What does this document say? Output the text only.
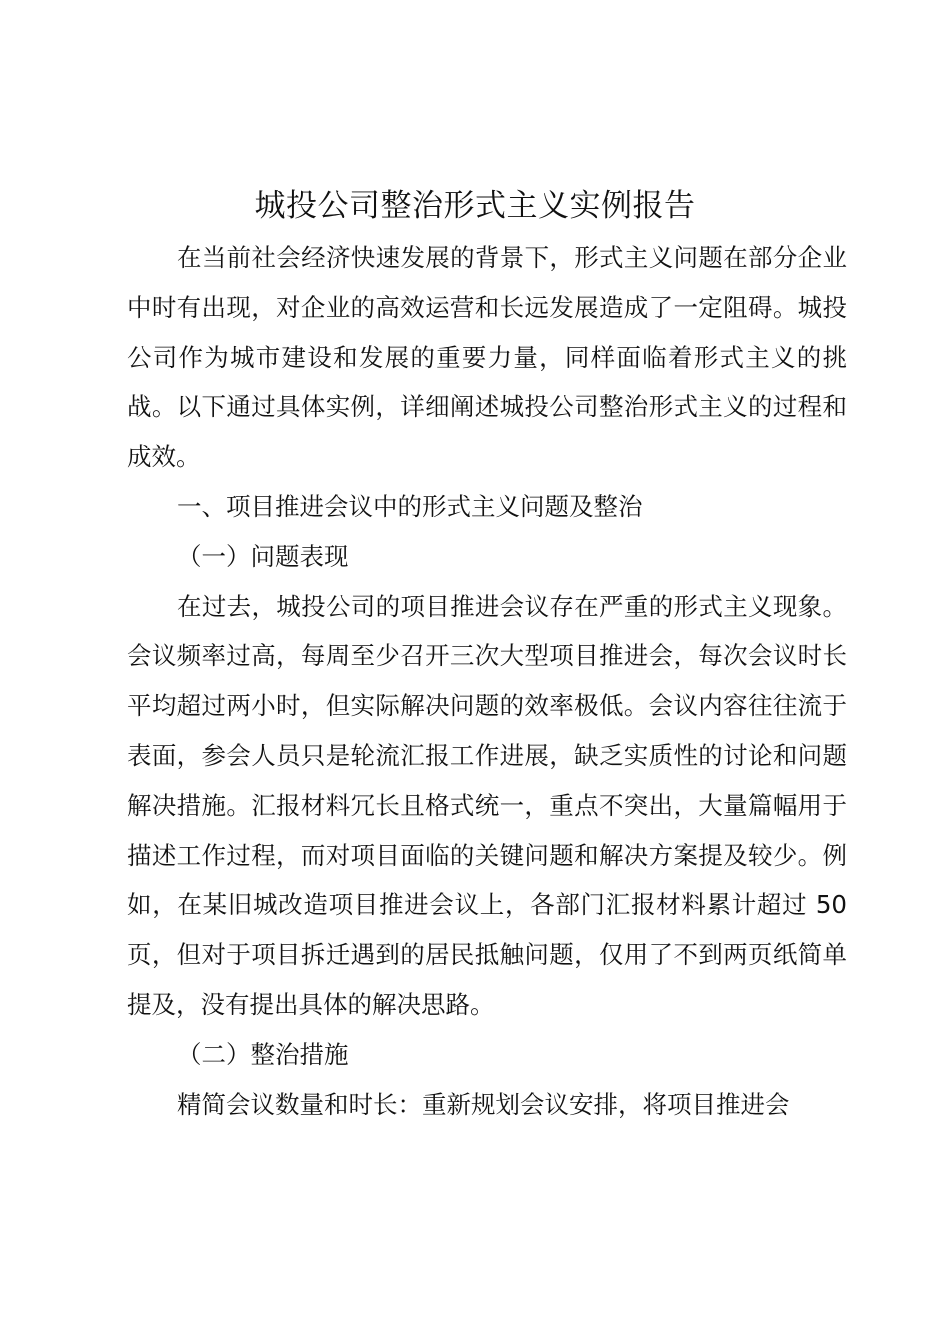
城投公司整治形式主义实例报告

在当前社会经济快速发展的背景下，形式主义问题在部分企业中时有出现，对企业的高效运营和长远发展造成了一定阻碍。城投公司作为城市建设和发展的重要力量，同样面临着形式主义的挑战。以下通过具体实例，详细阐述城投公司整治形式主义的过程和成效。

一、项目推进会议中的形式主义问题及整治

（一）问题表现

在过去，城投公司的项目推进会议存在严重的形式主义现象。会议频率过高，每周至少召开三次大型项目推进会，每次会议时长平均超过两小时，但实际解决问题的效率极低。会议内容往往流于表面，参会人员只是轮流汇报工作进展，缺乏实质性的讨论和问题解决措施。汇报材料冗长且格式统一，重点不突出，大量篇幅用于描述工作过程，而对项目面临的关键问题和解决方案提及较少。例如，在某旧城改造项目推进会议上，各部门汇报材料累计超过 50 页，但对于项目拆迁遇到的居民抵触问题，仅用了不到两页纸简单提及，没有提出具体的解决思路。

（二）整治措施

精简会议数量和时长：重新规划会议安排，将项目推进会
